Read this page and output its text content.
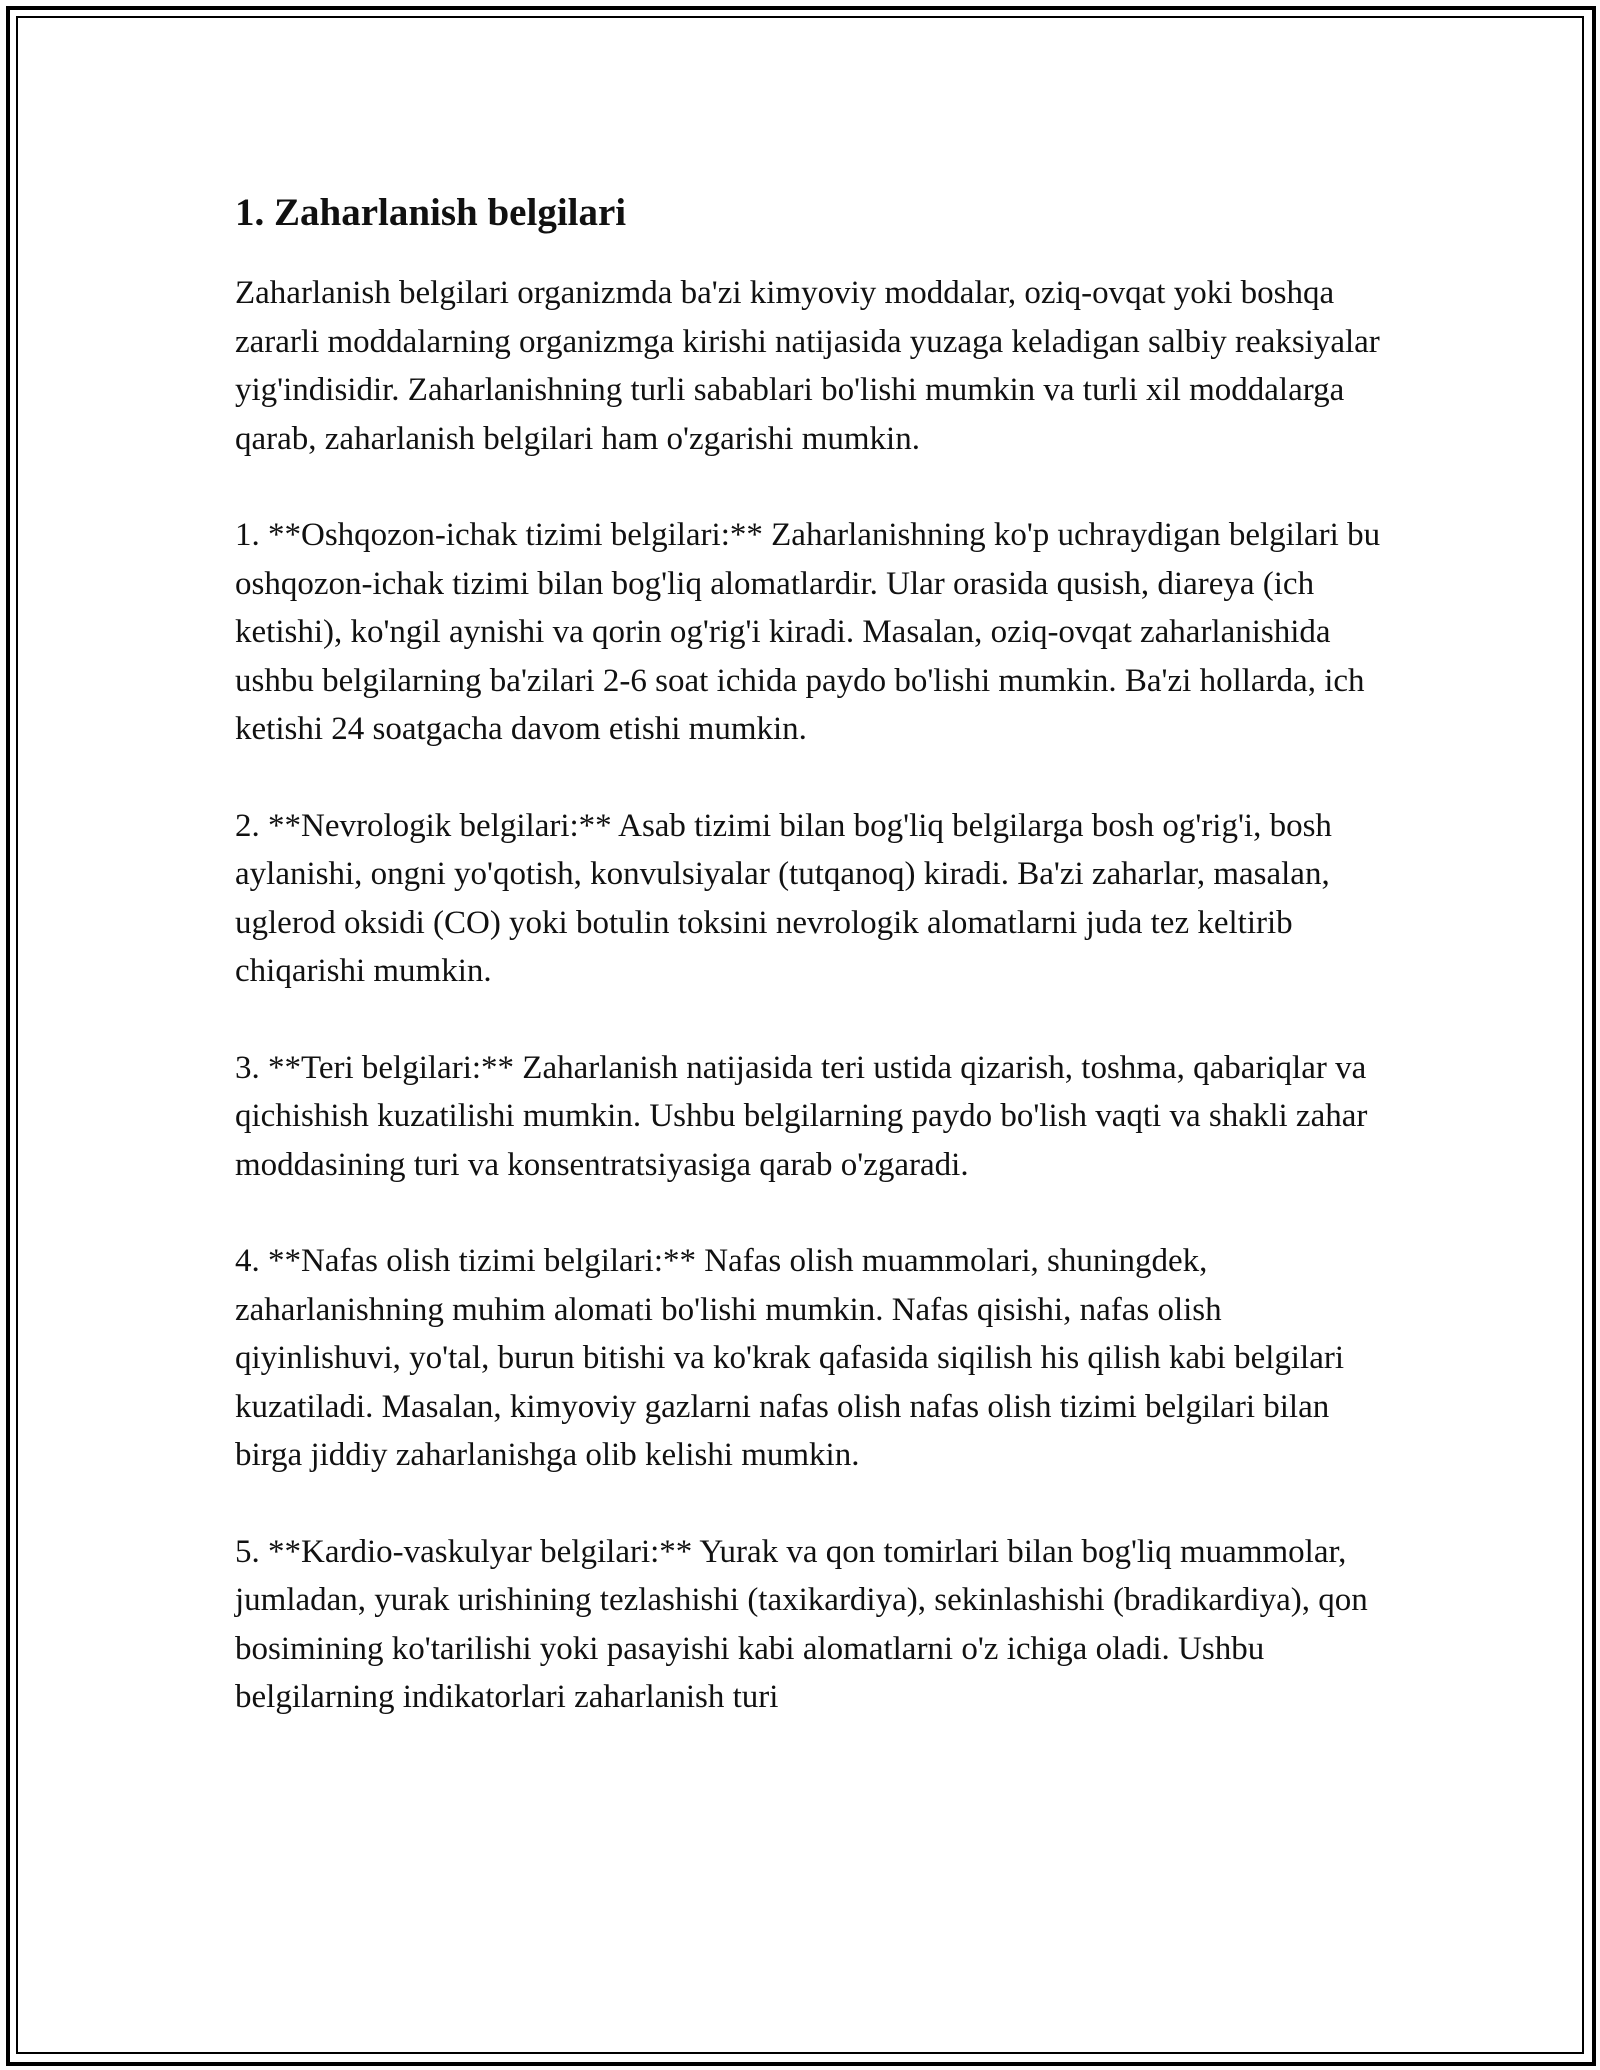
1. Zaharlanish belgilari

Zaharlanish belgilari organizmda ba'zi kimyoviy moddalar, oziq-ovqat yoki boshqa zararli moddalarning organizmga kirishi natijasida yuzaga keladigan salbiy reaksiyalar yig'indisidir. Zaharlanishning turli sabablari bo'lishi mumkin va turli xil moddalarga qarab, zaharlanish belgilari ham o'zgarishi mumkin.

1. **Oshqozon-ichak tizimi belgilari:** Zaharlanishning ko'p uchraydigan belgilari bu oshqozon-ichak tizimi bilan bog'liq alomatlardir. Ular orasida qusish, diareya (ich ketishi), ko'ngil aynishi va qorin og'rig'i kiradi. Masalan, oziq-ovqat zaharlanishida ushbu belgilarning ba'zilari 2-6 soat ichida paydo bo'lishi mumkin. Ba'zi hollarda, ich ketishi 24 soatgacha davom etishi mumkin.

2. **Nevrologik belgilari:** Asab tizimi bilan bog'liq belgilarga bosh og'rig'i, bosh aylanishi, ongni yo'qotish, konvulsiyalar (tutqanoq) kiradi. Ba'zi zaharlar, masalan, uglerod oksidi (CO) yoki botulin toksini nevrologik alomatlarni juda tez keltirib chiqarishi mumkin.

3. **Teri belgilari:** Zaharlanish natijasida teri ustida qizarish, toshma, qabariqlar va qichishish kuzatilishi mumkin. Ushbu belgilarning paydo bo'lish vaqti va shakli zahar moddasining turi va konsentratsiyasiga qarab o'zgaradi.

4. **Nafas olish tizimi belgilari:** Nafas olish muammolari, shuningdek, zaharlanishning muhim alomati bo'lishi mumkin. Nafas qisishi, nafas olish qiyinlishuvi, yo'tal, burun bitishi va ko'krak qafasida siqilish his qilish kabi belgilari kuzatiladi. Masalan, kimyoviy gazlarni nafas olish nafas olish tizimi belgilari bilan birga jiddiy zaharlanishga olib kelishi mumkin.

5. **Kardio-vaskulyar belgilari:** Yurak va qon tomirlari bilan bog'liq muammolar, jumladan, yurak urishining tezlashishi (taxikardiya), sekinlashishi (bradikardiya), qon bosimining ko'tarilishi yoki pasayishi kabi alomatlarni o'z ichiga oladi. Ushbu belgilarning indikatorlari zaharlanish turi
